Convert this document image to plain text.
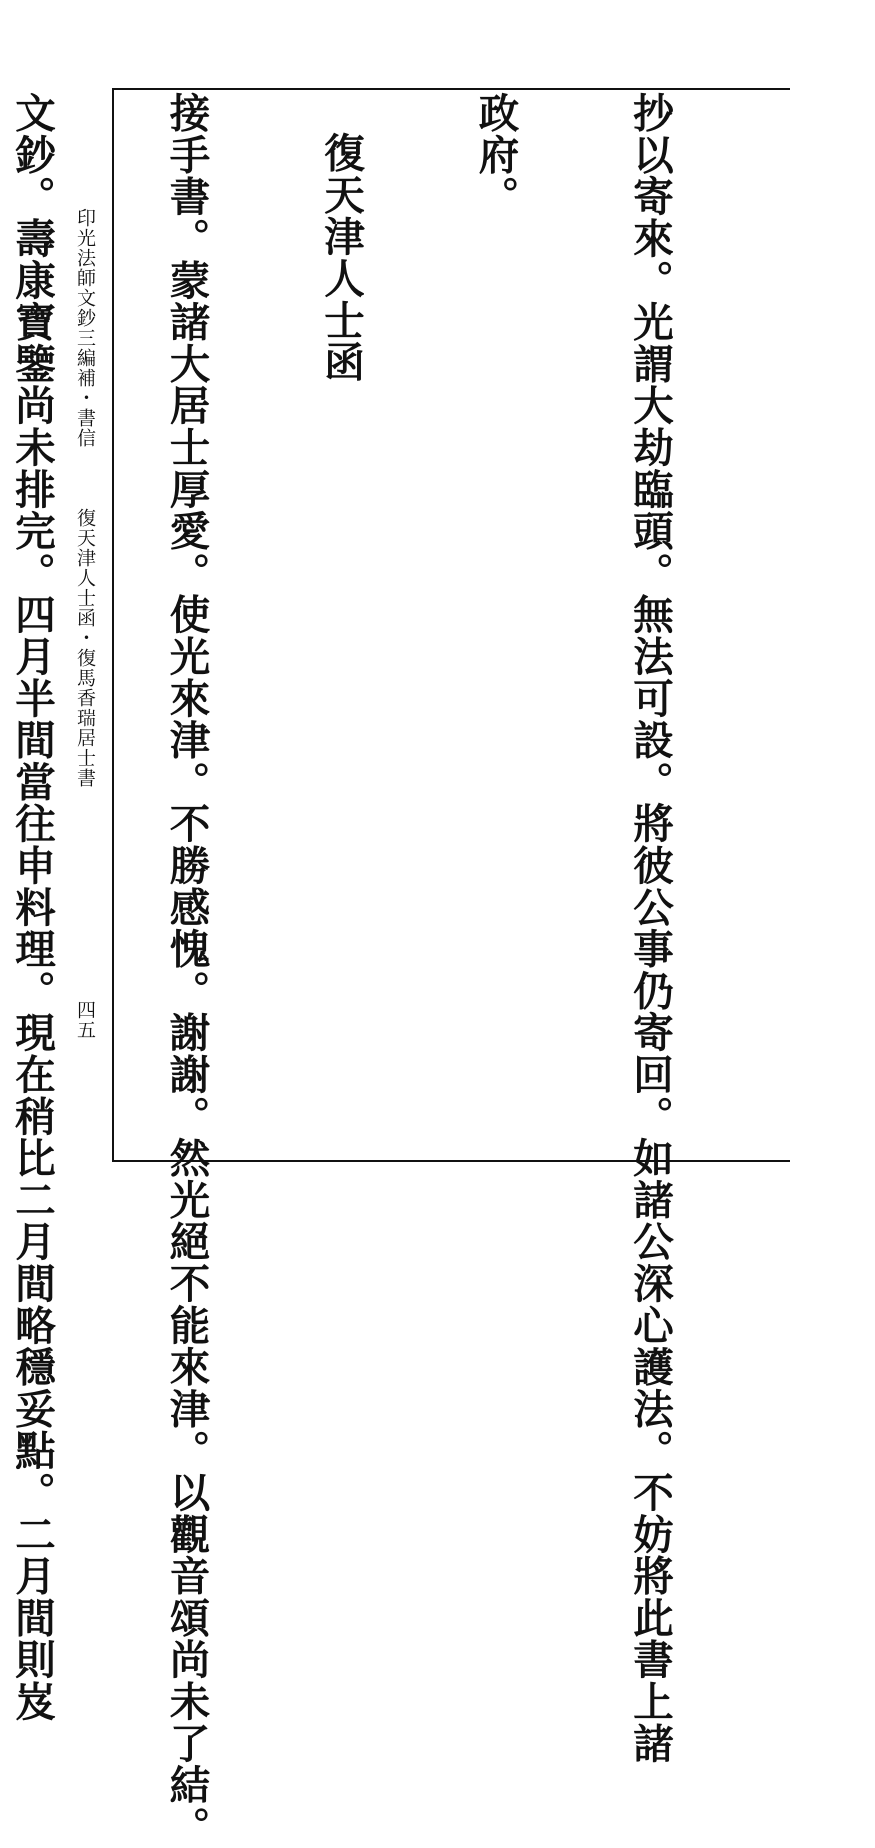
抄以寄來。光謂大劫臨頭。無法可設。將彼公事仍寄回。如諸公深心護法。不妨將此書上諸

政府。

復天津人士函

接手書。蒙諸大居士厚愛。使光來津。不勝感愧。謝謝。然光絕不能來津。以觀音頌尚未了結。

文鈔。壽康寶鑒尚未排完。四月半間當往申料理。現在稍比二月間略穩妥點。二月間則岌

印光法師文鈔三編補・書信復天津人士函・復馬香瑞居士書
四五
